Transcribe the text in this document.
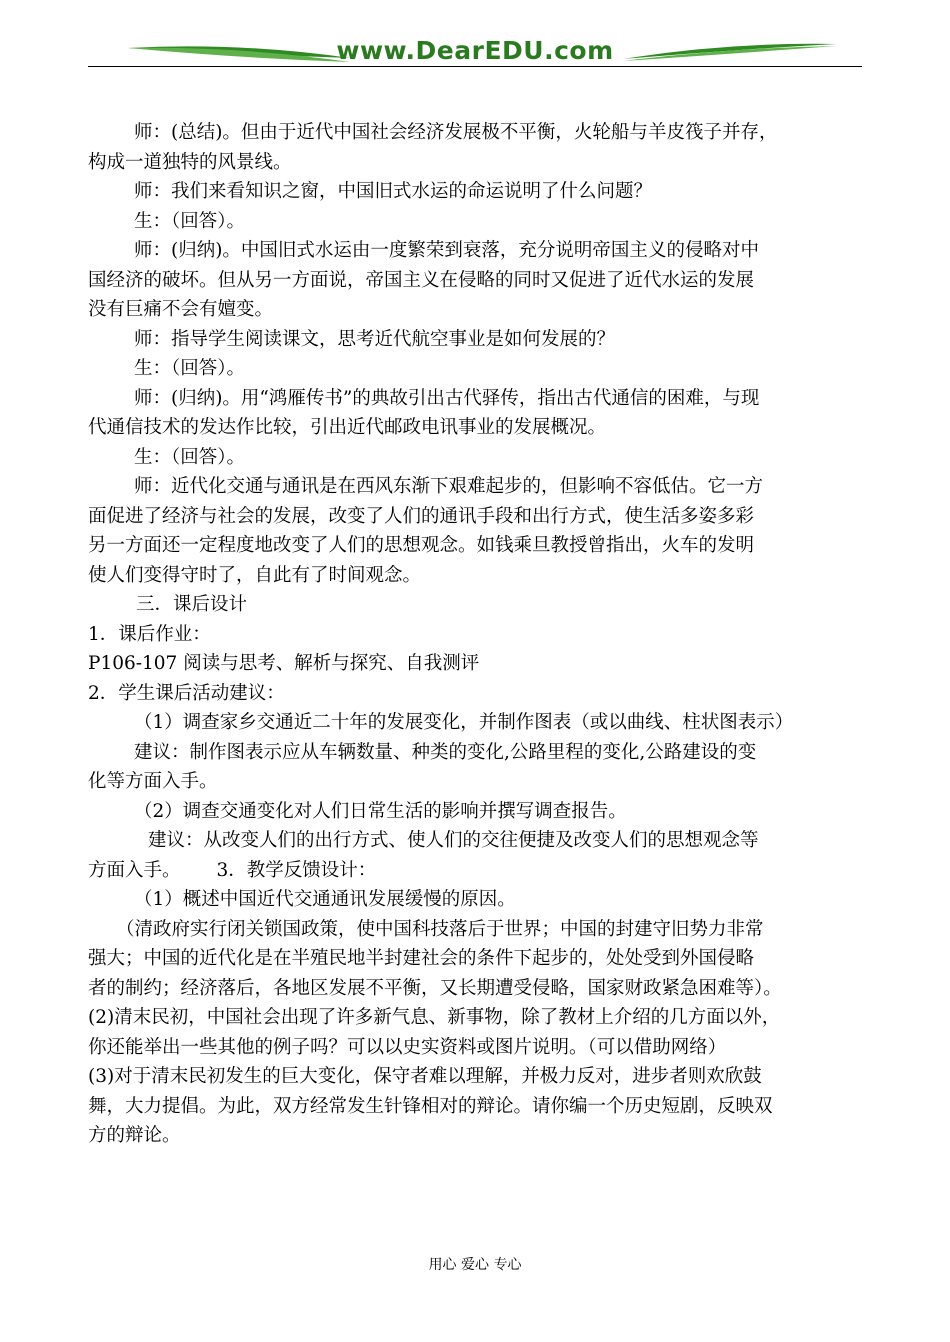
www.DearEDU.com

师：(总结)。但由于近代中国社会经济发展极不平衡，火轮船与羊皮筏子并存，

构成一道独特的风景线。

师：我们来看知识之窗，中国旧式水运的命运说明了什么问题？

生：（回答）。

师：(归纳)。中国旧式水运由一度繁荣到衰落，充分说明帝国主义的侵略对中

国经济的破坏。但从另一方面说，帝国主义在侵略的同时又促进了近代水运的发展

没有巨痛不会有嬗变。

师：指导学生阅读课文，思考近代航空事业是如何发展的？

生：（回答）。

师：(归纳)。用“鸿雁传书”的典故引出古代驿传，指出古代通信的困难，与现

代通信技术的发达作比较，引出近代邮政电讯事业的发展概况。

生：（回答）。

师：近代化交通与通讯是在西风东渐下艰难起步的，但影响不容低估。它一方

面促进了经济与社会的发展，改变了人们的通讯手段和出行方式，使生活多姿多彩

另一方面还一定程度地改变了人们的思想观念。如钱乘旦教授曾指出，火车的发明

使人们变得守时了，自此有了时间观念。

三．课后设计

1．课后作业：

P106-107 阅读与思考、解析与探究、自我测评

2．学生课后活动建议：

（1）调查家乡交通近二十年的发展变化，并制作图表（或以曲线、柱状图表示）

建议：制作图表示应从车辆数量、种类的变化,公路里程的变化,公路建设的变

化等方面入手。

（2）调查交通变化对人们日常生活的影响并撰写调查报告。

建议：从改变人们的出行方式、使人们的交往便捷及改变人们的思想观念等

方面入手。 3．教学反馈设计：

（1）概述中国近代交通通讯发展缓慢的原因。

（清政府实行闭关锁国政策，使中国科技落后于世界；中国的封建守旧势力非常

强大；中国的近代化是在半殖民地半封建社会的条件下起步的，处处受到外国侵略

者的制约；经济落后，各地区发展不平衡，又长期遭受侵略，国家财政紧急困难等）。

(2)清末民初，中国社会出现了许多新气息、新事物，除了教材上介绍的几方面以外，

你还能举出一些其他的例子吗？可以以史实资料或图片说明。（可以借助网络）

(3)对于清末民初发生的巨大变化，保守者难以理解，并极力反对，进步者则欢欣鼓

舞，大力提倡。为此，双方经常发生针锋相对的辩论。请你编一个历史短剧，反映双

方的辩论。

用心 爱心 专心
